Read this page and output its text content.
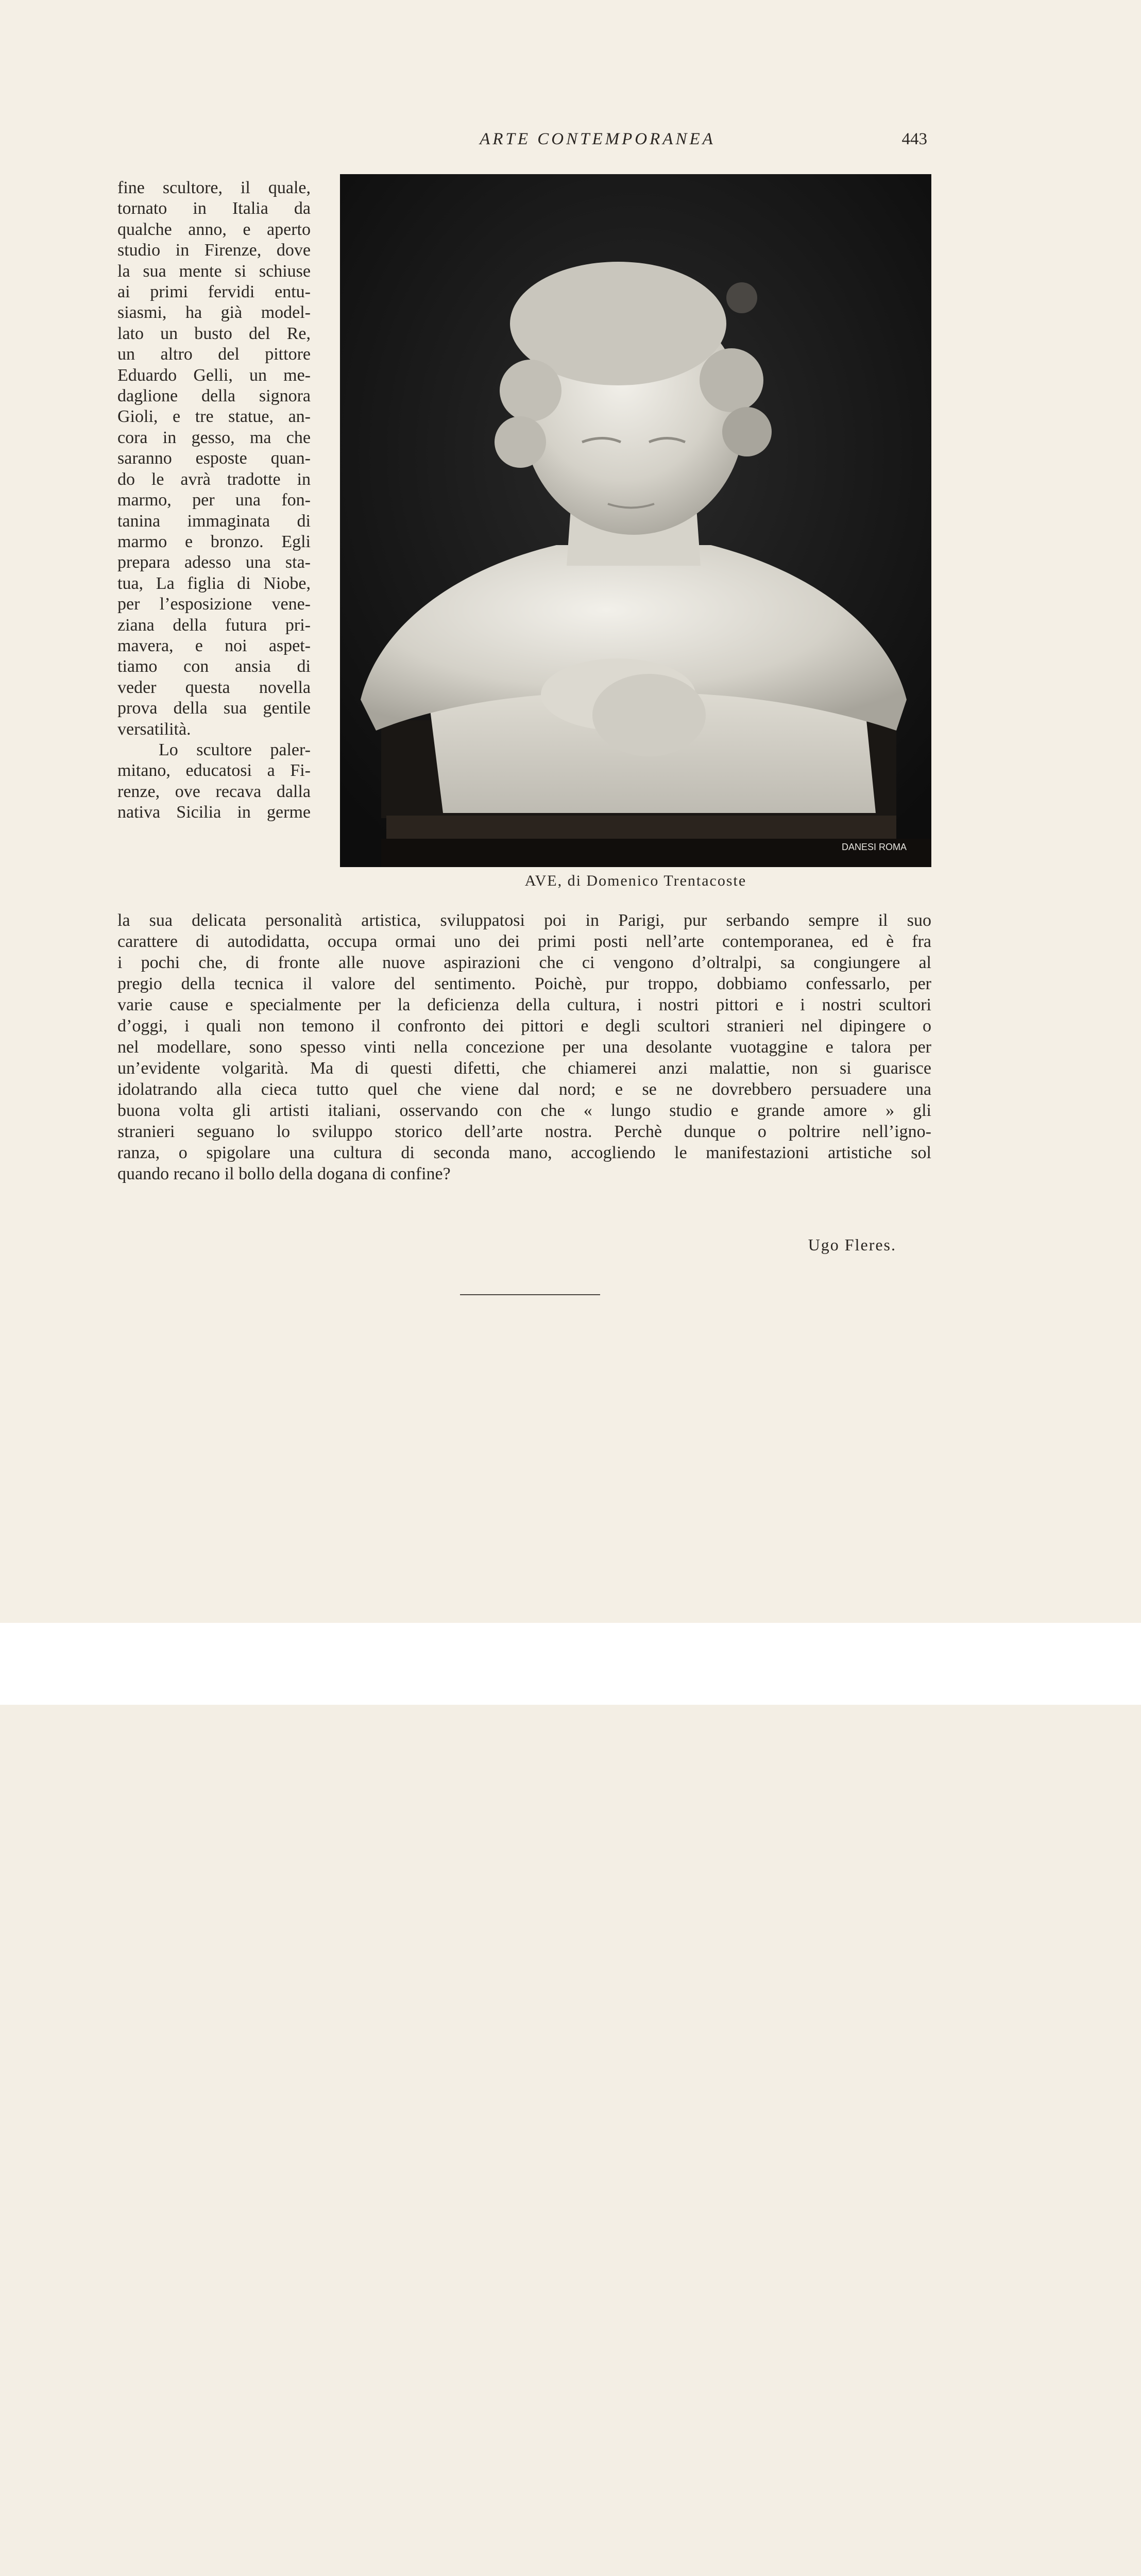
ARTE CONTEMPORANEA	443
fine scultore, il quale,
tornato in Italia da
qualche anno, e aperto
studio in Firenze, dove
la sua mente si schiuse
ai primi fervidi entu-
siasmi, ha già model-
lato un busto del Re,
un altro del pittore
Eduardo Gelli, un me-
daglione della signora
Gioli, e tre statue, an-
cora in gesso, ma che
saranno esposte quan-
do le avrà tradotte in
marmo, per una fon-
tanina immaginata di
marmo e bronzo. Egli
prepara adesso una sta-
tua, La figlia di Niobe,
per l’esposizione vene-
ziana della futura pri-
mavera, e noi aspet-
tiamo con ansia di
veder questa novella
prova della sua gentile
versatilità.
Lo scultore paler-
mitano, educatosi a Fi-
renze, ove recava dalla
nativa Sicilia in germe
DANESI ROMA
AVE, di Domenico Trentacoste
la sua delicata personalità artistica, sviluppatosi poi in Parigi, pur serbando sempre il suo
carattere di autodidatta, occupa ormai uno dei primi posti nell’arte contemporanea, ed è fra
i pochi che, di fronte alle nuove aspirazioni che ci vengono d’oltralpi, sa congiungere al
pregio della tecnica il valore del sentimento. Poichè, pur troppo, dobbiamo confessarlo, per
varie cause e specialmente per la deficienza della cultura, i nostri pittori e i nostri scultori
d’oggi, i quali non temono il confronto dei pittori e degli scultori stranieri nel dipingere o
nel modellare, sono spesso vinti nella concezione per una desolante vuotaggine e talora per
un’evidente volgarità. Ma di questi difetti, che chiamerei anzi malattie, non si guarisce
idolatrando alla cieca tutto quel che viene dal nord; e se ne dovrebbero persuadere una
buona volta gli artisti italiani, osservando con che « lungo studio e grande amore » gli
stranieri seguano lo sviluppo storico dell’arte nostra. Perchè dunque o poltrire nell’igno-
ranza, o spigolare una cultura di seconda mano, accogliendo le manifestazioni artistiche sol
quando recano il bollo della dogana di confine?
Ugo Fleres.
